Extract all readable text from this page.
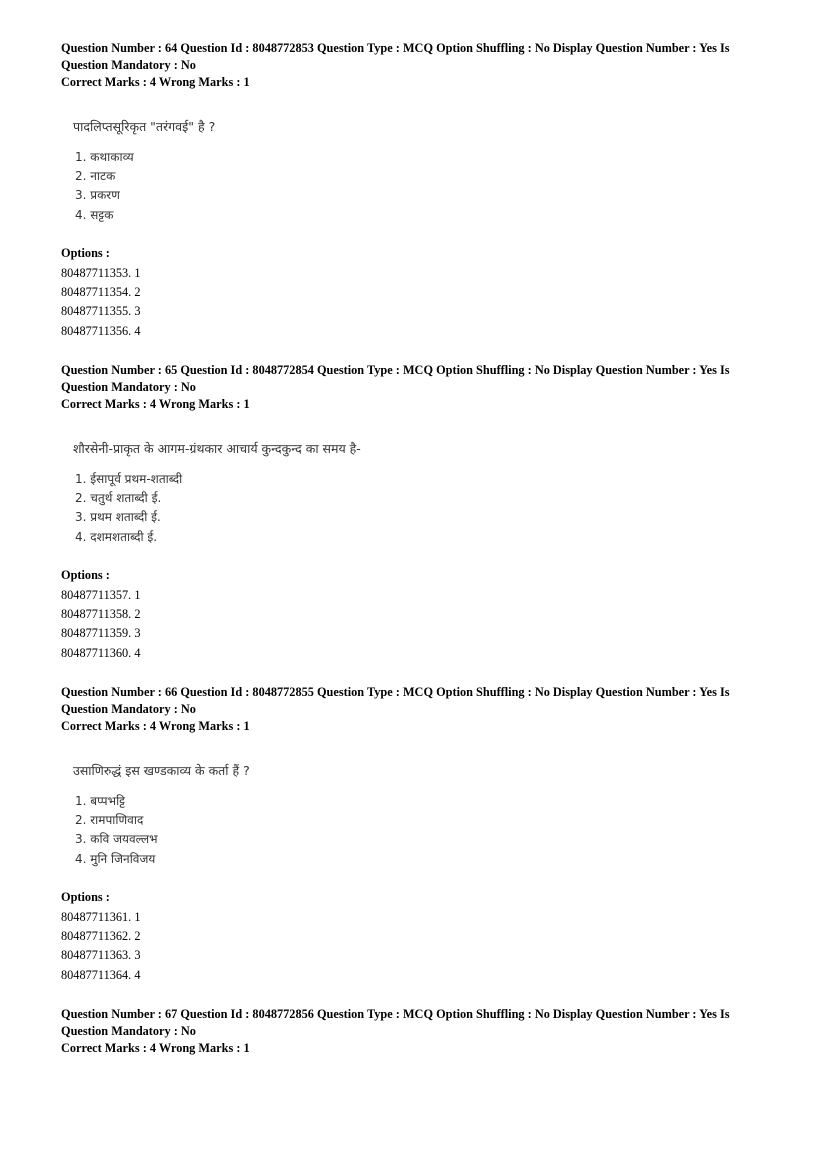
Question Number : 64 Question Id : 8048772853 Question Type : MCQ Option Shuffling : No Display Question Number : Yes Is
Question Mandatory : No
Correct Marks : 4 Wrong Marks : 1
पादलिप्तसूरिकृत "तरंगवई" है ?
1. कथाकाव्य
2. नाटक
3. प्रकरण
4. सट्टक
Options :
80487711353. 1
80487711354. 2
80487711355. 3
80487711356. 4
Question Number : 65 Question Id : 8048772854 Question Type : MCQ Option Shuffling : No Display Question Number : Yes Is
Question Mandatory : No
Correct Marks : 4 Wrong Marks : 1
शौरसेनी-प्राकृत के आगम-ग्रंथकार आचार्य कुन्दकुन्द का समय है-
1. ईसापूर्व प्रथम-शताब्दी
2. चतुर्थ शताब्दी ई.
3. प्रथम शताब्दी ई.
4. दशमशताब्दी ई.
Options :
80487711357. 1
80487711358. 2
80487711359. 3
80487711360. 4
Question Number : 66 Question Id : 8048772855 Question Type : MCQ Option Shuffling : No Display Question Number : Yes Is
Question Mandatory : No
Correct Marks : 4 Wrong Marks : 1
उसाणिरुद्धं इस खण्डकाव्य के कर्ता हैं ?
1. बप्पभट्टि
2. रामपाणिवाद
3. कवि जयवल्लभ
4. मुनि जिनविजय
Options :
80487711361. 1
80487711362. 2
80487711363. 3
80487711364. 4
Question Number : 67 Question Id : 8048772856 Question Type : MCQ Option Shuffling : No Display Question Number : Yes Is
Question Mandatory : No
Correct Marks : 4 Wrong Marks : 1
